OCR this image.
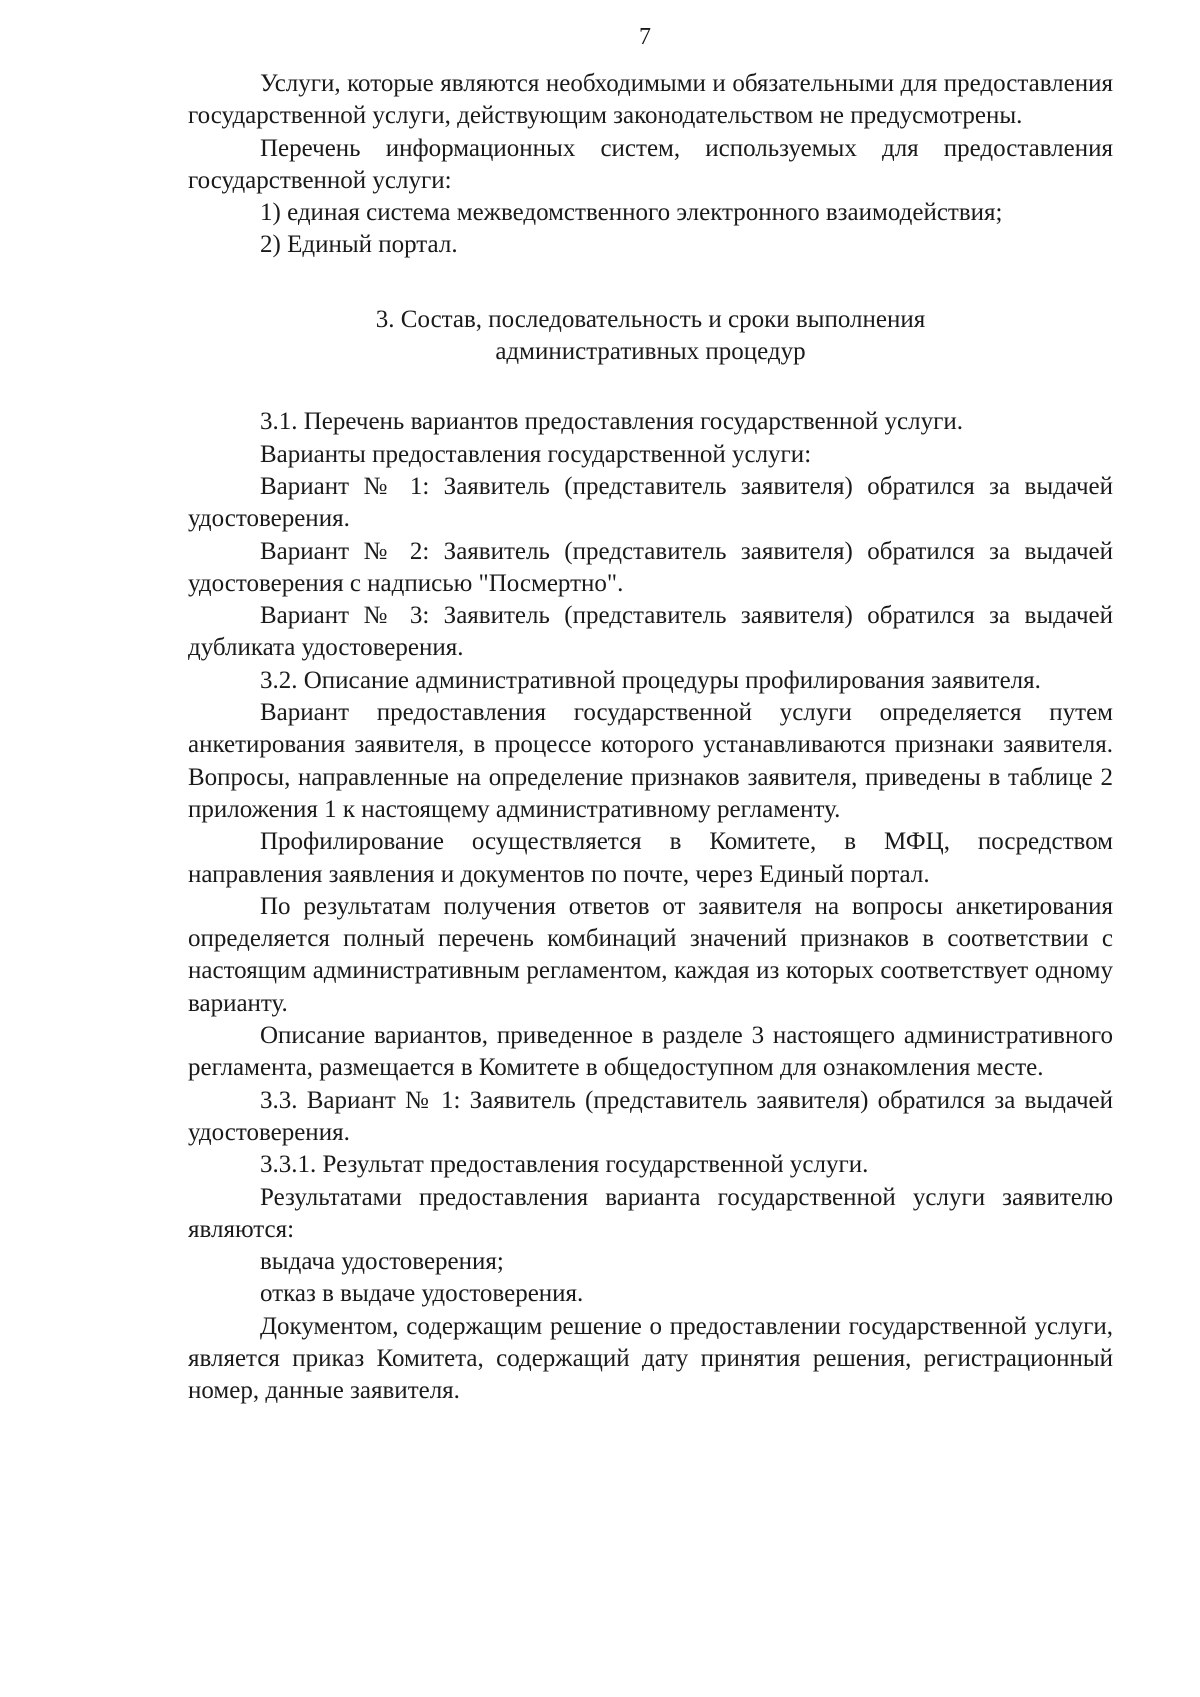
7

Услуги, которые являются необходимыми и обязательными для предоставления государственной услуги, действующим законодательством не предусмотрены.

Перечень информационных систем, используемых для предоставления государственной услуги:

1) единая система межведомственного электронного взаимодействия;

2) Единый портал.

3. Состав, последовательность и сроки выполнения
административных процедур

3.1. Перечень вариантов предоставления государственной услуги.

Варианты предоставления государственной услуги:

Вариант № 1: Заявитель (представитель заявителя) обратился за выдачей удостоверения.

Вариант № 2: Заявитель (представитель заявителя) обратился за выдачей удостоверения с надписью "Посмертно".

Вариант № 3: Заявитель (представитель заявителя) обратился за выдачей дубликата удостоверения.

3.2. Описание административной процедуры профилирования заявителя.

Вариант предоставления государственной услуги определяется путем анкетирования заявителя, в процессе которого устанавливаются признаки заявителя. Вопросы, направленные на определение признаков заявителя, приведены в таблице 2 приложения 1 к настоящему административному регламенту.

Профилирование осуществляется в Комитете, в МФЦ, посредством направления заявления и документов по почте, через Единый портал.

По результатам получения ответов от заявителя на вопросы анкетирования определяется полный перечень комбинаций значений признаков в соответствии с настоящим административным регламентом, каждая из которых соответствует одному варианту.

Описание вариантов, приведенное в разделе 3 настоящего административного регламента, размещается в Комитете в общедоступном для ознакомления месте.

3.3. Вариант № 1: Заявитель (представитель заявителя) обратился за выдачей удостоверения.

3.3.1. Результат предоставления государственной услуги.

Результатами предоставления варианта государственной услуги заявителю являются:

выдача удостоверения;

отказ в выдаче удостоверения.

Документом, содержащим решение о предоставлении государственной услуги, является приказ Комитета, содержащий дату принятия решения, регистрационный номер, данные заявителя.
